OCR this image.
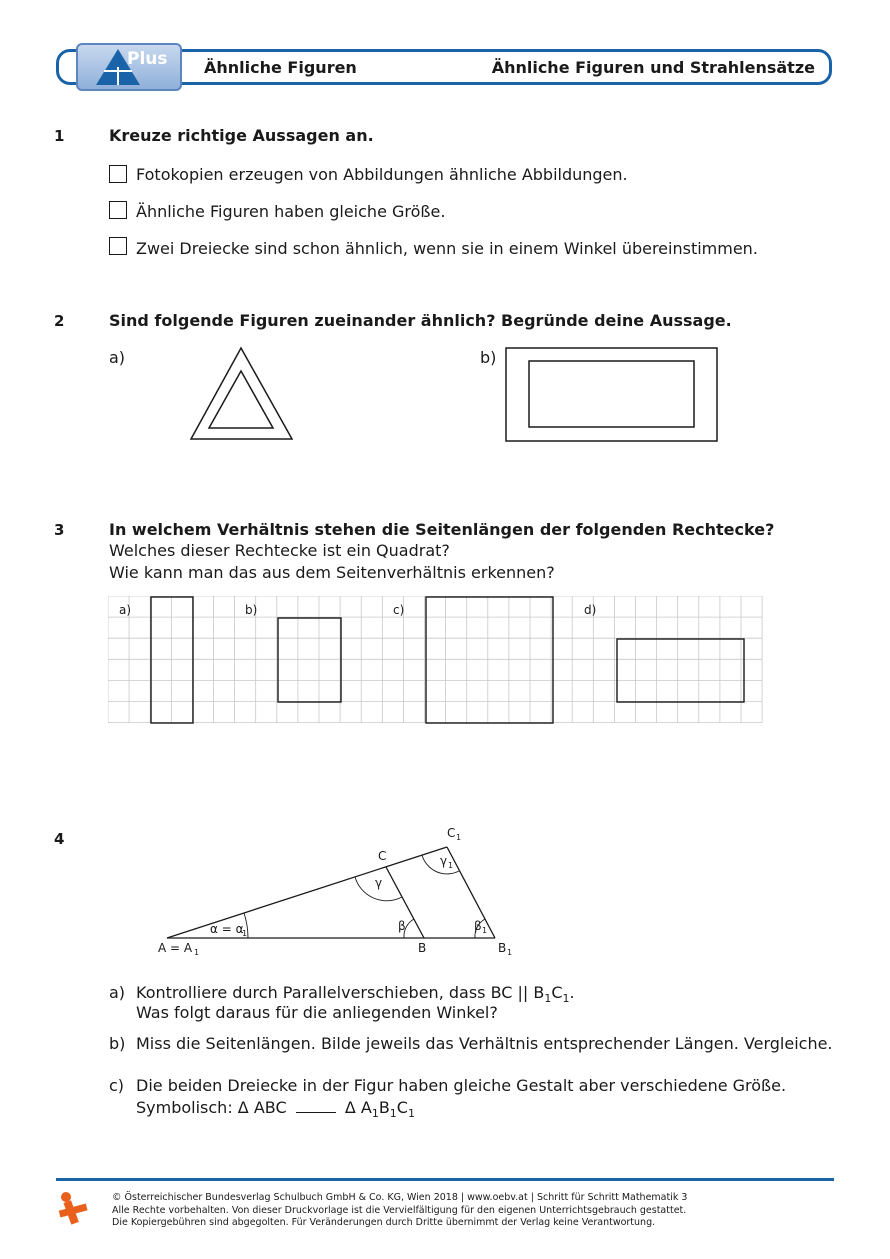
Plus Ähnliche Figuren	Ähnliche Figuren und Strahlensätze
1	Kreuze richtige Aussagen an.
Fotokopien erzeugen von Abbildungen ähnliche Abbildungen.
Ähnliche Figuren haben gleiche Größe.
Zwei Dreiecke sind schon ähnlich, wenn sie in einem Winkel übereinstimmen.
2	Sind folgende Figuren zueinander ähnlich? Begründe deine Aussage.
a)	b)
3	In welchem Verhältnis stehen die Seitenlängen der folgenden Rechtecke?
Welches dieser Rechtecke ist ein Quadrat?
Wie kann man das aus dem Seitenverhältnis erkennen?
a)	b)	c)	d)
4
A = A 1	B	B 1
C
C 1
α = α
1
β	β 1
γ
γ 1
a) Kontrolliere durch Parallelverschieben, dass BC || $B_1C_1$.
Was folgt daraus für die anliegenden Winkel?
b) Miss die Seitenlängen. Bilde jeweils das Verhältnis entsprechender Längen. Vergleiche.
c) Die beiden Dreiecke in der Figur haben gleiche Gestalt aber verschiedene Größe.
Symbolisch: Δ ABC	Δ $A_1B_1C_1$
© Österreichischer Bundesverlag Schulbuch GmbH & Co. KG, Wien 2018 | www.oebv.at | Schritt für Schritt Mathematik 3
Alle Rechte vorbehalten. Von dieser Druckvorlage ist die Vervielfältigung für den eigenen Unterrichtsgebrauch gestattet.
Die Kopiergebühren sind abgegolten. Für Veränderungen durch Dritte übernimmt der Verlag keine Verantwortung.
